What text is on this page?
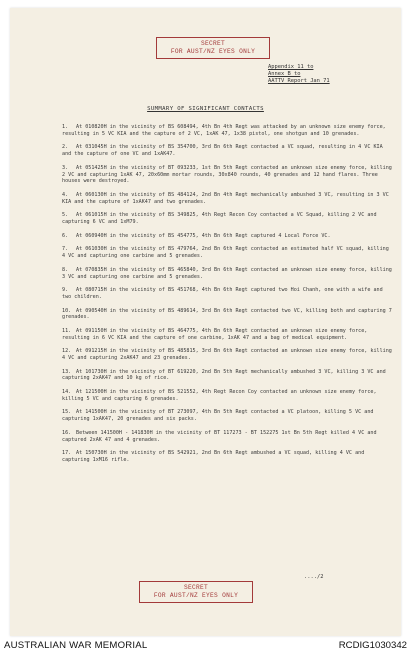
SECRET
FOR AUST/NZ EYES ONLY
Appendix 11 to
Annex B to
AATTV Report Jan 71
SUMMARY OF SIGNIFICANT CONTACTS
1. At 010820H in the vicinity of BS 608494, 4th Bn 4th Regt was attacked by an unknown size enemy force, resulting in 5 VC KIA and the capture of 2 VC, 1xAK 47, 1x38 pistol, one shotgun and 10 grenades.
2. At 031045H in the vicinity of BS 354700, 3rd Bn 6th Regt contacted a VC squad, resulting in 4 VC KIA and the capture of one VC and 1xAK47.
3. At 051425H in the vicinity of BT 093233, 1st Bn 5th Regt contacted an unknown size enemy force, killing 2 VC and capturing 1xAK 47, 20x60mm mortar rounds, 30x840 rounds, 40 grenades and 12 hand flares. Three houses were destroyed.
4. At 060130H in the vicinity of BS 484124, 2nd Bn 4th Regt mechanically ambushed 3 VC, resulting in 3 VC KIA and the capture of 1xAK47 and two grenades.
5. At 061015H in the vicinity of BS 349825, 4th Regt Recon Coy contacted a VC Squad, killing 2 VC and capturing 6 VC and 1xM79.
6. At 060940H in the vicinity of BS 454775, 4th Bn 6th Regt captured 4 Local Force VC.
7. At 061030H in the vicinity of BS 479764, 2nd Bn 6th Regt contacted an estimated half VC squad, killing 4 VC and capturing one carbine and 5 grenades.
8. At 070835H in the vicinity of BS 465840, 3rd Bn 6th Regt contacted an unknown size enemy force, killing 3 VC and capturing one carbine and 5 grenades.
9. At 080715H in the vicinity of BS 451768, 4th Bn 6th Regt captured two Hoi Chanh, one with a wife and two children.
10. At 090540H in the vicinity of BS 489614, 3rd Bn 6th Regt contacted two VC, killing both and capturing 7 grenades.
11. At 091150H in the vicinity of BS 464775, 4th Bn 6th Regt contacted an unknown size enemy force, resulting in 6 VC KIA and the capture of one carbine, 1xAK 47 and a bag of medical equipment.
12. At 091215H in the vicinity of BS 485815, 3rd Bn 6th Regt contacted an unknown size enemy force, killing 4 VC and capturing 2xAK47 and 23 grenades.
13. At 101730H in the vicinity of BT 619220, 2nd Bn 5th Regt mechanically ambushed 3 VC, killing 3 VC and capturing 2xAK47 and 10 kg of rice.
14. At 121500H in the vicinity of BS 521552, 4th Regt Recon Coy contacted an unknown size enemy force, killing 5 VC and capturing 6 grenades.
15. At 141500H in the vicinity of BT 273097, 4th Bn 5th Regt contacted a VC platoon, killing 5 VC and capturing 1xAK47, 20 grenades and six packs.
16. Between 141500H - 141830H in the vicinity of BT 117273 - BT 152275 1st Bn 5th Regt killed 4 VC and captured 2xAK 47 and 4 grenades.
17. At 150730H in the vicinity of BS 542921, 2nd Bn 6th Regt ambushed a VC squad, killing 4 VC and capturing 1xM16 rifle.
..../2
SECRET
FOR AUST/NZ EYES ONLY
AUSTRALIAN WAR MEMORIAL	RCDIG1030342
